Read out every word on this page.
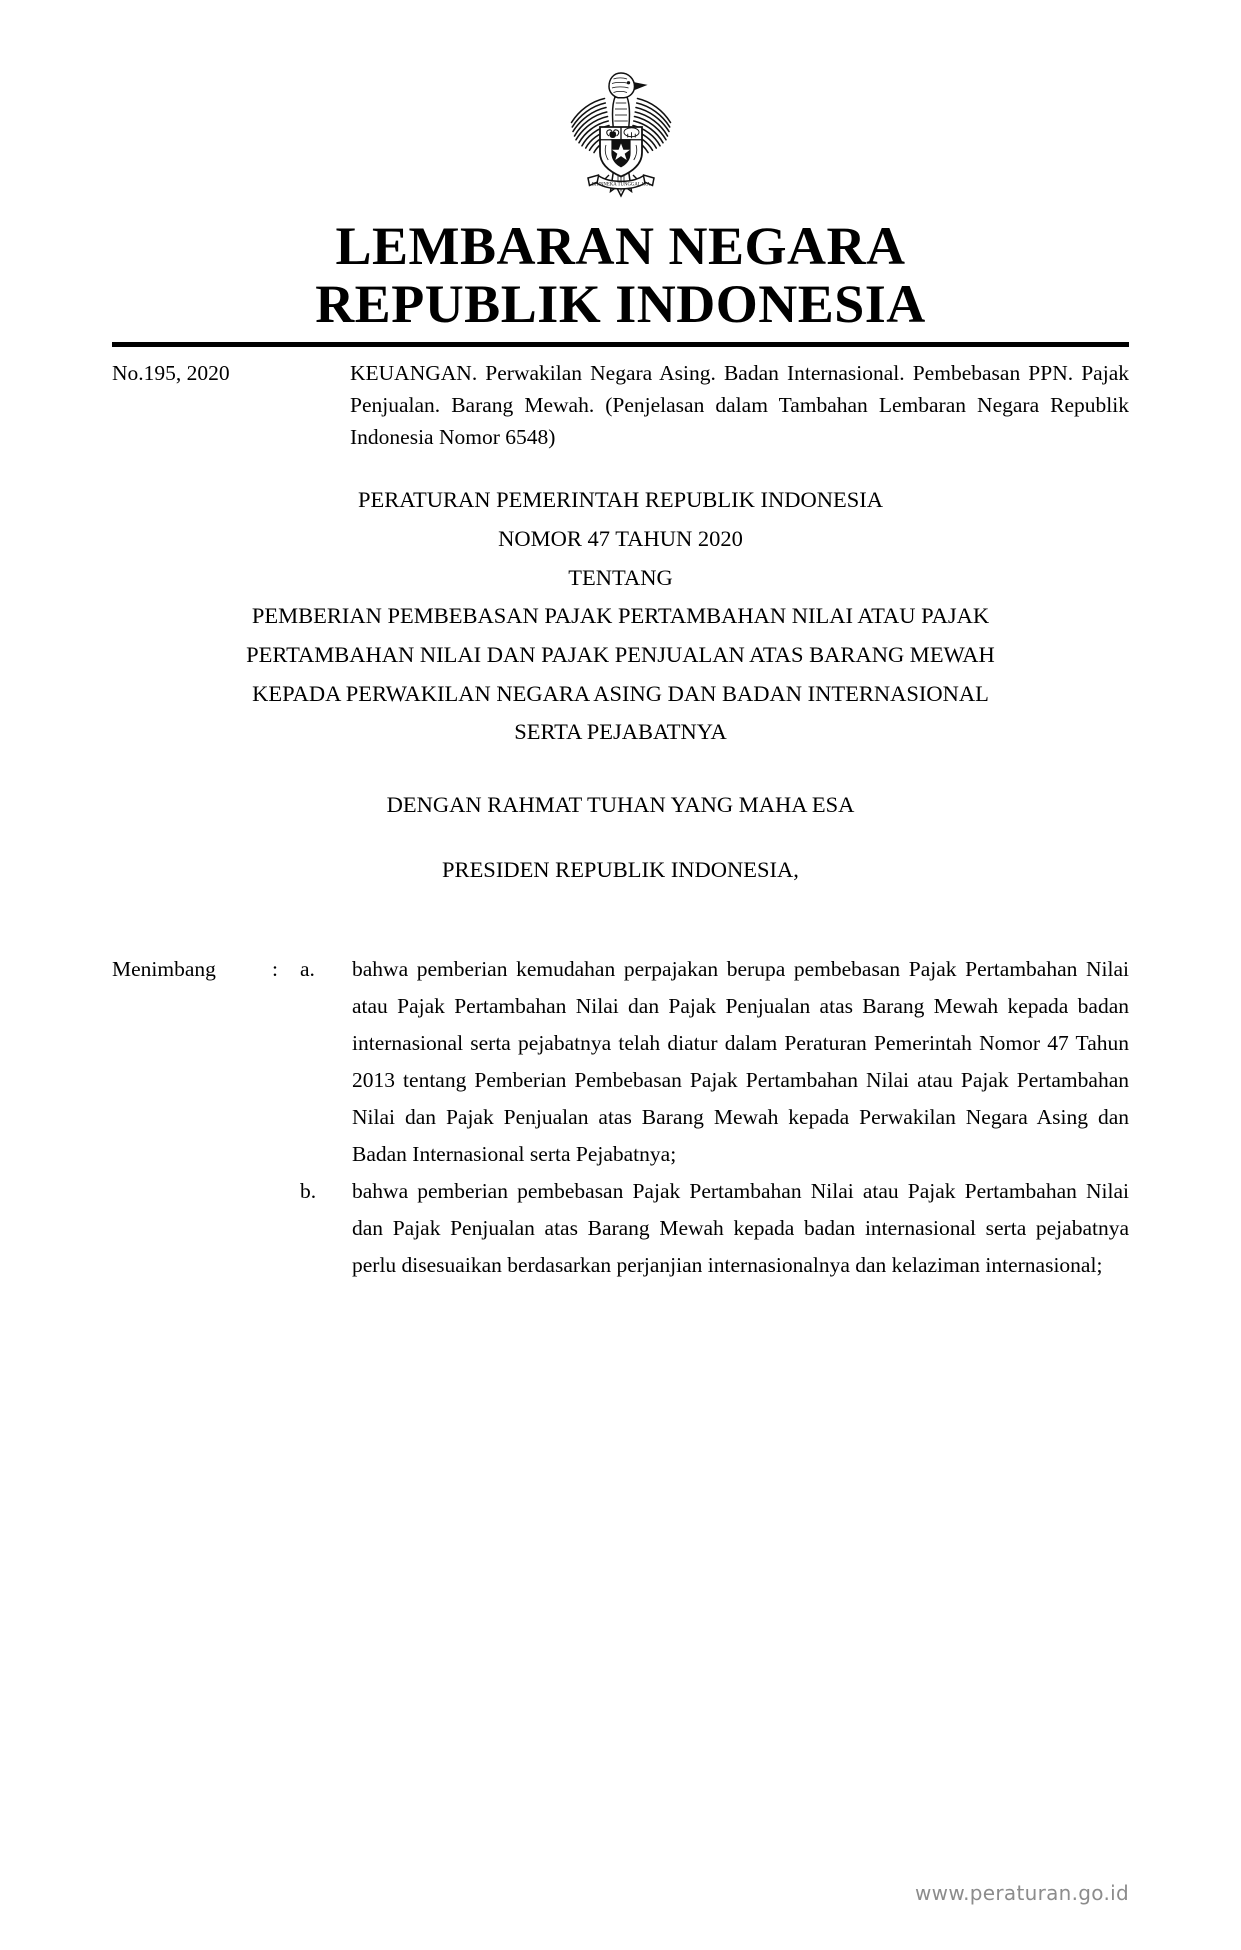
BHINNEKA TUNGGAL IKA
LEMBARAN NEGARA
REPUBLIK INDONESIA
No.195, 2020	KEUANGAN. Perwakilan Negara Asing. Badan Internasional. Pembebasan PPN. Pajak Penjualan. Barang Mewah. (Penjelasan dalam Tambahan Lembaran Negara Republik Indonesia Nomor 6548)

PERATURAN PEMERINTAH REPUBLIK INDONESIA
NOMOR 47 TAHUN 2020
TENTANG
PEMBERIAN PEMBEBASAN PAJAK PERTAMBAHAN NILAI ATAU PAJAK
PERTAMBAHAN NILAI DAN PAJAK PENJUALAN ATAS BARANG MEWAH
KEPADA PERWAKILAN NEGARA ASING DAN BADAN INTERNASIONAL
SERTA PEJABATNYA
DENGAN RAHMAT TUHAN YANG MAHA ESA
PRESIDEN REPUBLIK INDONESIA,
Menimbang	:	a.	bahwa pemberian kemudahan perpajakan berupa pembebasan Pajak Pertambahan Nilai atau Pajak Pertambahan Nilai dan Pajak Penjualan atas Barang Mewah kepada badan internasional serta pejabatnya telah diatur dalam Peraturan Pemerintah Nomor 47 Tahun 2013 tentang Pemberian Pembebasan Pajak Pertambahan Nilai atau Pajak Pertambahan Nilai dan Pajak Penjualan atas Barang Mewah kepada Perwakilan Negara Asing dan Badan Internasional serta Pejabatnya;

b.	bahwa pemberian pembebasan Pajak Pertambahan Nilai atau Pajak Pertambahan Nilai dan Pajak Penjualan atas Barang Mewah kepada badan internasional serta pejabatnya perlu disesuaikan berdasarkan perjanjian internasionalnya dan kelaziman internasional;

www.peraturan.go.id
